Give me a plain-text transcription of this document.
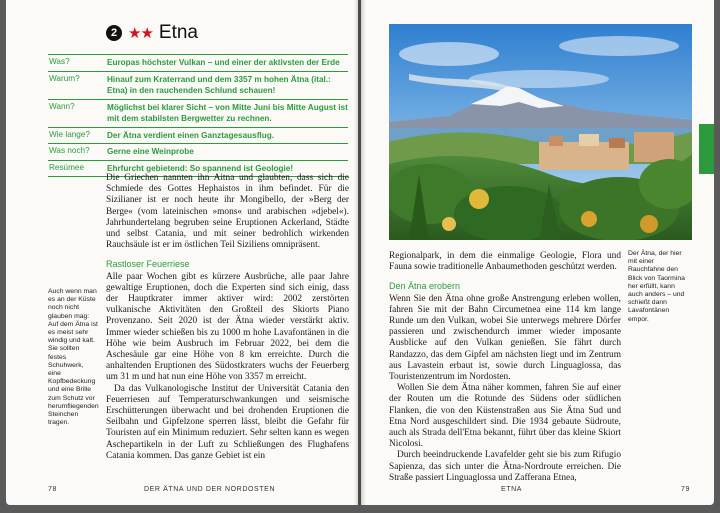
2 ★★ Etna
Was?	Europas höchster Vulkan – und einer der aktivsten der Erde
Warum?	Hinauf zum Kraterrand und dem 3357 m hohen Ätna (ital.: Etna) in den rauchenden Schlund schauen!
Wann?	Möglichst bei klarer Sicht – von Mitte Juni bis Mitte August ist mit dem stabilsten Bergwetter zu rechnen.
Wie lange?	Der Ätna verdient einen Ganztagesausflug.
Was noch?	Gerne eine Weinprobe
Resümee	Ehrfurcht gebietend: So spannend ist Geologie!

Die Griechen nannten ihn Aitna und glaubten, dass sich die Schmiede des Gottes Hephaistos in ihm befindet. Für die Sizilianer ist er noch heute ihr Mongibello, der »Berg der Berge« (vom lateinischen »mons« und arabischen »djebel«). Jahrhundertelang begruben seine Eruptionen Ackerland, Städte und selbst Catania, und mit seiner bedrohlich wirkenden Rauchsäule ist er im östlichen Teil Siziliens omnipräsent.

Rastloser Feuerriese

Alle paar Wochen gibt es kürzere Ausbrüche, alle paar Jahre gewaltige Eruptionen, doch die Experten sind sich einig, dass der Hauptkrater immer aktiver wird: 2002 zerstörten vulkanische Aktivitäten den Großteil des Skiorts Piano Provenzano. Seit 2020 ist der Ätna wieder verstärkt aktiv. Immer wieder schießen bis zu 1000 m hohe Lavafontänen in die Höhe wie beim Ausbruch im Februar 2022, bei dem die Aschesäule gar eine Höhe von 8 km erreichte. Durch die anhaltenden Eruptionen des Südostkraters wuchs der Feuerberg um 31 m und hat nun eine Höhe von 3357 m erreicht.

Da das Vulkanologische Institut der Universität Catania den Feuerriesen auf Temperaturschwankungen und seismische Erschütterungen überwacht und bei drohenden Eruptionen die Seilbahn und Gipfelzone sperren lässt, bleibt die Gefahr für Touristen auf ein Minimum reduziert. Sehr selten kann es wegen Aschepartikeln in der Luft zu Schließungen des Flughafens Catania kommen. Das ganze Gebiet ist ein

Auch wenn man es an der Küste noch nicht glauben mag: Auf dem Ätna ist es meist sehr windig und kalt. Sie sollten festes Schuhwerk, eine Kopfbedeckung und eine Brille zum Schutz vor herumfliegenden Steinchen tragen.
78	DER ÄTNA UND DER NORDOSTEN
Der Ätna, der hier mit einer Rauchfahne den Blick von Taormina her erfüllt, kann auch anders – und schießt dann Lavafontänen empor.

Regionalpark, in dem die einmalige Geologie, Flora und Fauna sowie traditionelle Anbaumethoden geschützt werden.

Den Ätna erobern

Wenn Sie den Ätna ohne große Anstrengung erleben wollen, fahren Sie mit der Bahn Circumetnea eine 114 km lange Runde um den Vulkan, wobei Sie unterwegs mehrere Dörfer passieren und zwischendurch immer wieder imposante Ausblicke auf den Vulkan genießen. Sie fährt durch Randazzo, das dem Gipfel am nächsten liegt und im Zentrum aus Lavastein erbaut ist, sowie durch Linguaglossa, das Touristenzentrum im Nordosten.

Wollen Sie dem Ätna näher kommen, fahren Sie auf einer der Routen um die Rotunde des Südens oder südlichen Flanken, die von den Küstenstraßen aus Sie Ätna Sud und Etna Nord ausgeschildert sind. Die 1934 gebaute Südroute, auch als Strada dell'Etna bekannt, führt über das kleine Skiort Nicolosi.

Durch beeindruckende Lavafelder geht sie bis zum Rifugio Sapienza, das sich unter die Ätna-Nordroute erreichen. Die Straße passiert Linguaglossa und Zafferana Etnea,

ETNA	79
